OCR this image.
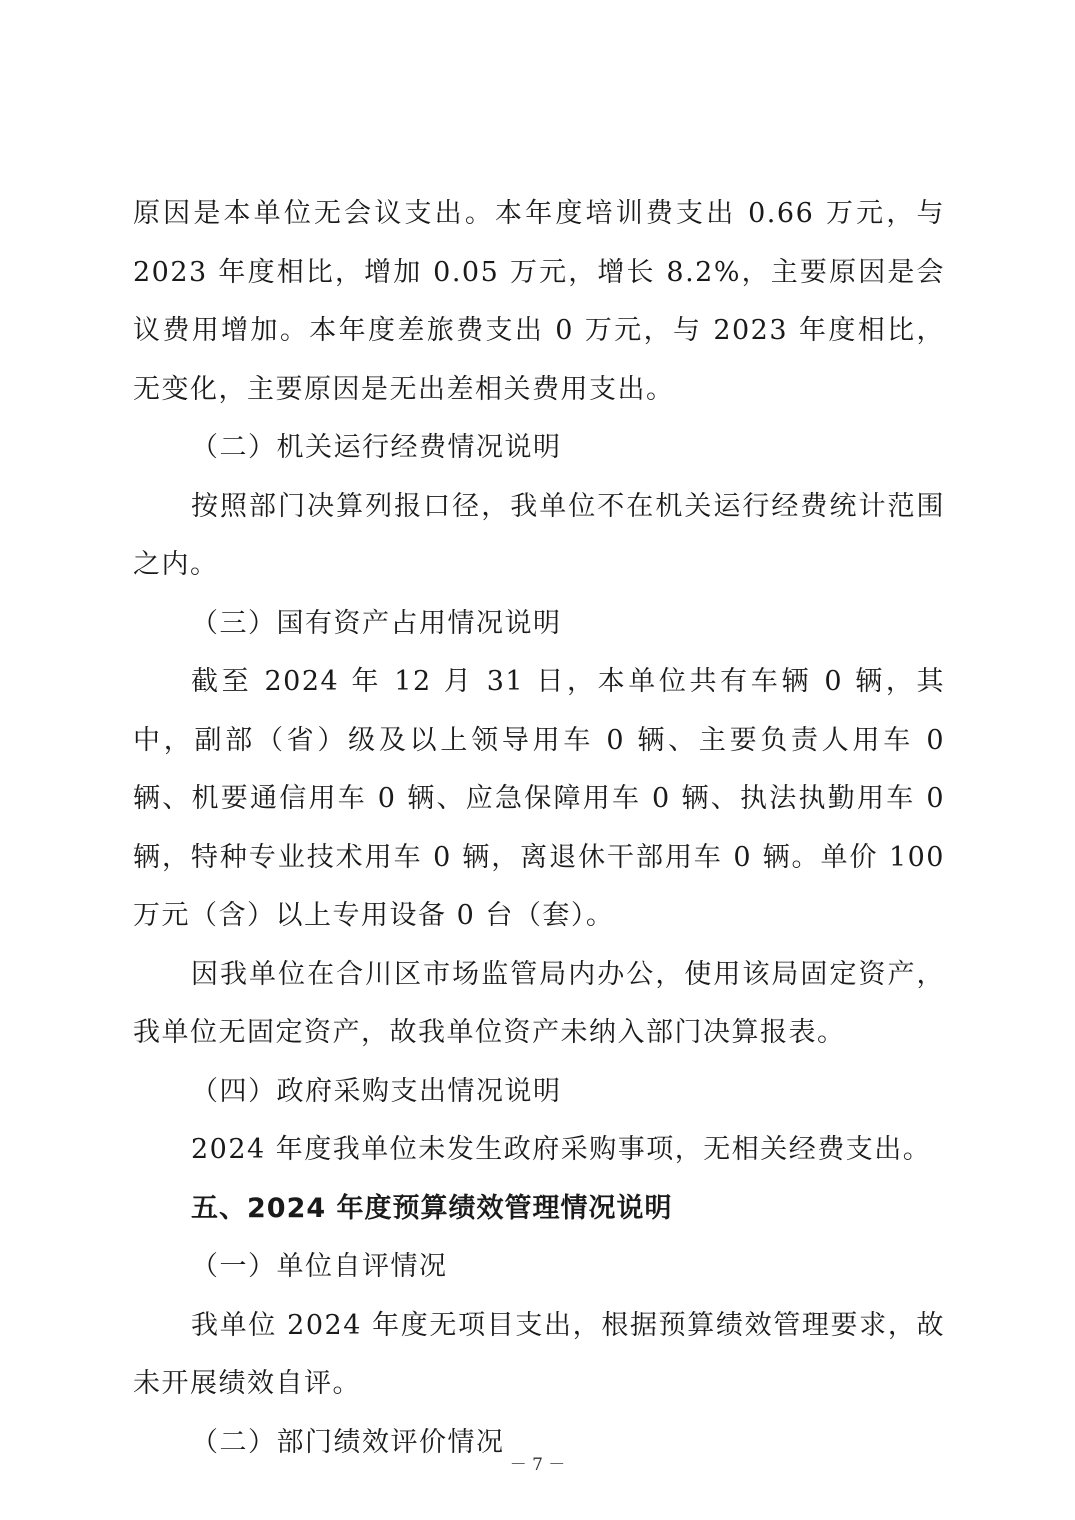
原因是本单位无会议支出。本年度培训费支出 0.66 万元，与 2023 年度相比，增加 0.05 万元，增长 8.2%，主要原因是会议费用增加。本年度差旅费支出 0 万元，与 2023 年度相比，无变化，主要原因是无出差相关费用支出。

（二）机关运行经费情况说明

按照部门决算列报口径，我单位不在机关运行经费统计范围之内。

（三）国有资产占用情况说明

截至 2024 年 12 月 31 日，本单位共有车辆 0 辆，其中，副部（省）级及以上领导用车 0 辆、主要负责人用车 0 辆、机要通信用车 0 辆、应急保障用车 0 辆、执法执勤用车 0 辆，特种专业技术用车 0 辆，离退休干部用车 0 辆。单价 100 万元（含）以上专用设备 0 台（套）。

因我单位在合川区市场监管局内办公，使用该局固定资产，我单位无固定资产，故我单位资产未纳入部门决算报表。

（四）政府采购支出情况说明

2024 年度我单位未发生政府采购事项，无相关经费支出。

五、2024 年度预算绩效管理情况说明

（一）单位自评情况

我单位 2024 年度无项目支出，根据预算绩效管理要求，故未开展绩效自评。

（二）部门绩效评价情况

－ 7 －
